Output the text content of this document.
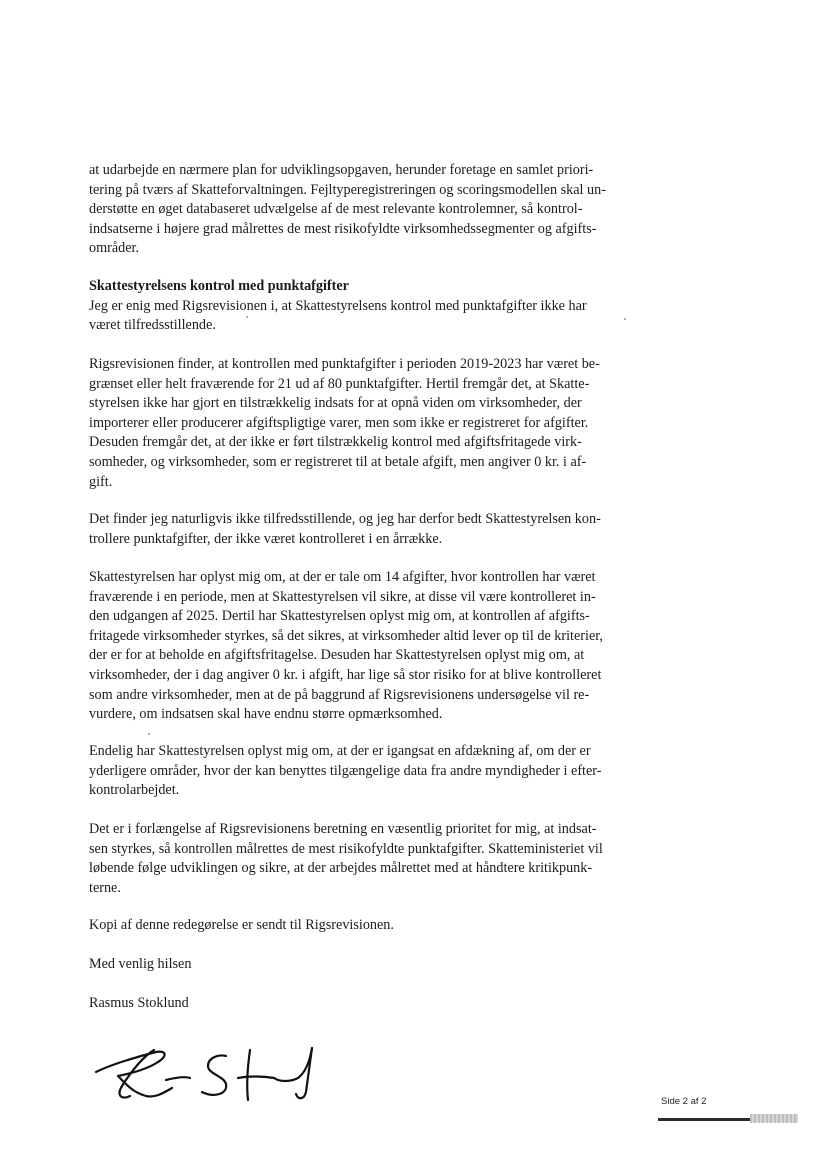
at udarbejde en nærmere plan for udviklingsopgaven, herunder foretage en samlet priori-
tering på tværs af Skatteforvaltningen. Fejltyperegistreringen og scoringsmodellen skal un-
derstøtte en øget databaseret udvælgelse af de mest relevante kontrolemner, så kontrol-
indsatserne i højere grad målrettes de mest risikofyldte virksomhedssegmenter og afgifts-
områder.

Skattestyrelsens kontrol med punktafgifter
Jeg er enig med Rigsrevisionen i, at Skattestyrelsens kontrol med punktafgifter ikke har
været tilfredsstillende.

Rigsrevisionen finder, at kontrollen med punktafgifter i perioden 2019-2023 har været be-
grænset eller helt fraværende for 21 ud af 80 punktafgifter. Hertil fremgår det, at Skatte-
styrelsen ikke har gjort en tilstrækkelig indsats for at opnå viden om virksomheder, der
importerer eller producerer afgiftspligtige varer, men som ikke er registreret for afgifter.
Desuden fremgår det, at der ikke er ført tilstrækkelig kontrol med afgiftsfritagede virk-
somheder, og virksomheder, som er registreret til at betale afgift, men angiver 0 kr. i af-
gift.

Det finder jeg naturligvis ikke tilfredsstillende, og jeg har derfor bedt Skattestyrelsen kon-
trollere punktafgifter, der ikke været kontrolleret i en årrække.

Skattestyrelsen har oplyst mig om, at der er tale om 14 afgifter, hvor kontrollen har været
fraværende i en periode, men at Skattestyrelsen vil sikre, at disse vil være kontrolleret in-
den udgangen af 2025. Dertil har Skattestyrelsen oplyst mig om, at kontrollen af afgifts-
fritagede virksomheder styrkes, så det sikres, at virksomheder altid lever op til de kriterier,
der er for at beholde en afgiftsfritagelse. Desuden har Skattestyrelsen oplyst mig om, at
virksomheder, der i dag angiver 0 kr. i afgift, har lige så stor risiko for at blive kontrolleret
som andre virksomheder, men at de på baggrund af Rigsrevisionens undersøgelse vil re-
vurdere, om indsatsen skal have endnu større opmærksomhed.

Endelig har Skattestyrelsen oplyst mig om, at der er igangsat en afdækning af, om der er
yderligere områder, hvor der kan benyttes tilgængelige data fra andre myndigheder i efter-
kontrolarbejdet.

Det er i forlængelse af Rigsrevisionens beretning en væsentlig prioritet for mig, at indsat-
sen styrkes, så kontrollen målrettes de mest risikofyldte punktafgifter. Skatteministeriet vil
løbende følge udviklingen og sikre, at der arbejdes målrettet med at håndtere kritikpunk-
terne.

Kopi af denne redegørelse er sendt til Rigsrevisionen.

Med venlig hilsen

Rasmus Stoklund

Side 2 af 2
